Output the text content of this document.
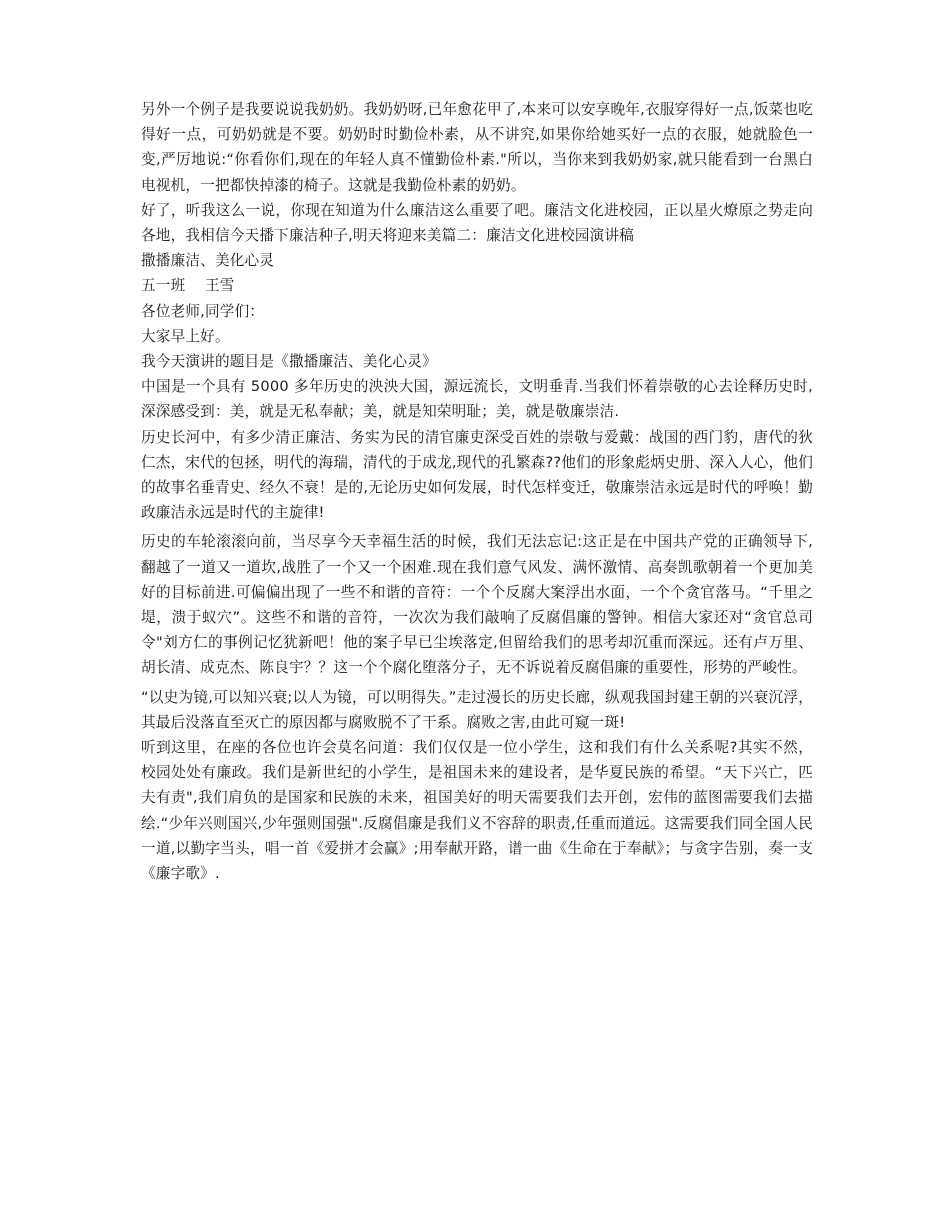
另外一个例子是我要说说我奶奶。我奶奶呀,已年愈花甲了,本来可以安享晚年,衣服穿得好一点,饭菜也吃得好一点，可奶奶就是不要。奶奶时时勤俭朴素，从不讲究,如果你给她买好一点的衣服，她就脸色一变,严厉地说:“你看你们,现在的年轻人真不懂勤俭朴素."所以，当你来到我奶奶家,就只能看到一台黑白电视机，一把都快掉漆的椅子。这就是我勤俭朴素的奶奶。

好了，听我这么一说，你现在知道为什么廉洁这么重要了吧。廉洁文化进校园，正以星火燎原之势走向各地，我相信今天播下廉洁种子,明天将迎来美篇二：廉洁文化进校园演讲稿

撒播廉洁、美化心灵

五一班　 王雪

各位老师,同学们：

大家早上好。

我今天演讲的题目是《撒播廉洁、美化心灵》

中国是一个具有 5000 多年历史的泱泱大国，源远流长，文明垂青.当我们怀着崇敬的心去诠释历史时,深深感受到：美，就是无私奉献；美，就是知荣明耻；美，就是敬廉崇洁.

历史长河中，有多少清正廉洁、务实为民的清官廉吏深受百姓的崇敬与爱戴：战国的西门豹，唐代的狄仁杰，宋代的包拯，明代的海瑞，清代的于成龙,现代的孔繁森??他们的形象彪炳史册、深入人心，他们的故事名垂青史、经久不衰！是的,无论历史如何发展，时代怎样变迁，敬廉崇洁永远是时代的呼唤！勤政廉洁永远是时代的主旋律!

历史的车轮滚滚向前，当尽享今天幸福生活的时候，我们无法忘记:这正是在中国共产党的正确领导下,翻越了一道又一道坎,战胜了一个又一个困难.现在我们意气风发、满怀激情、高奏凯歌朝着一个更加美好的目标前进.可偏偏出现了一些不和谐的音符：一个个反腐大案浮出水面，一个个贪官落马。“千里之堤，溃于蚁穴”。这些不和谐的音符，一次次为我们敲响了反腐倡廉的警钟。相信大家还对“贪官总司令"刘方仁的事例记忆犹新吧！他的案子早已尘埃落定,但留给我们的思考却沉重而深远。还有卢万里、胡长清、成克杰、陈良宇？？这一个个腐化堕落分子，无不诉说着反腐倡廉的重要性，形势的严峻性。

“以史为镜,可以知兴衰;以人为镜，可以明得失。”走过漫长的历史长廊，纵观我国封建王朝的兴衰沉浮，其最后没落直至灭亡的原因都与腐败脱不了干系。腐败之害,由此可窥一斑!

听到这里，在座的各位也许会莫名问道：我们仅仅是一位小学生，这和我们有什么关系呢?其实不然，校园处处有廉政。我们是新世纪的小学生，是祖国未来的建设者，是华夏民族的希望。“天下兴亡，匹夫有责",我们肩负的是国家和民族的未来，祖国美好的明天需要我们去开创，宏伟的蓝图需要我们去描绘.“少年兴则国兴,少年强则国强".反腐倡廉是我们义不容辞的职责,任重而道远。这需要我们同全国人民一道,以勤字当头，唱一首《爱拼才会赢》;用奉献开路，谱一曲《生命在于奉献》；与贪字告别，奏一支《廉字歌》.
